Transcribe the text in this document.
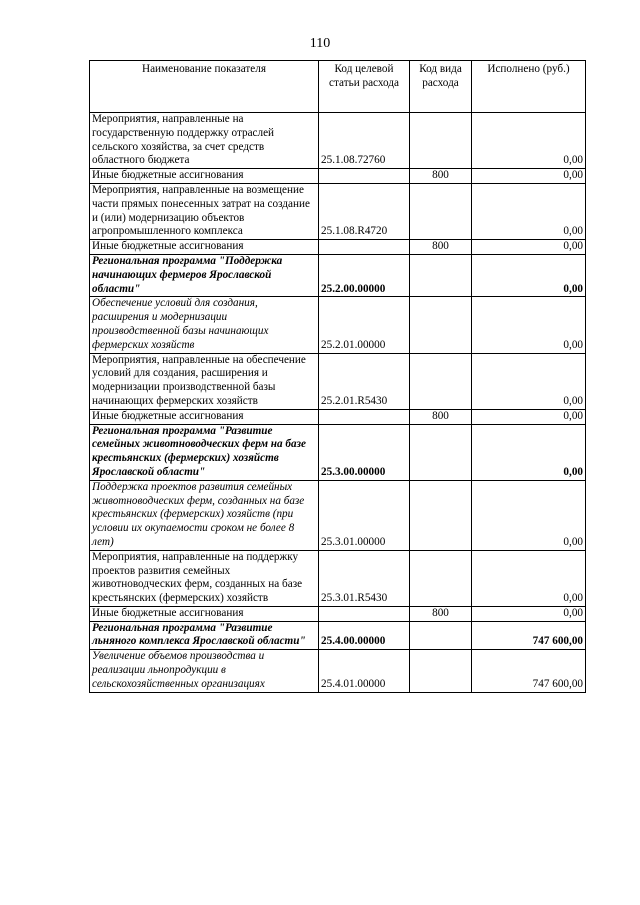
110
Наименование показателя	Код целевой статьи расхода	Код вида расхода	Исполнено (руб.)
Мероприятия, направленные на государственную поддержку отраслей сельского хозяйства, за счет средств областного бюджета	25.1.08.72760		0,00
Иные бюджетные ассигнования		800	0,00
Мероприятия, направленные на возмещение части прямых понесенных затрат на создание и (или) модернизацию объектов агропромышленного комплекса	25.1.08.R4720		0,00
Иные бюджетные ассигнования		800	0,00
Региональная программа "Поддержка начинающих фермеров Ярославской области"	25.2.00.00000		0,00
Обеспечение условий для создания, расширения и модернизации производственной базы начинающих фермерских хозяйств	25.2.01.00000		0,00
Мероприятия, направленные на обеспечение условий для создания, расширения и модернизации производственной базы начинающих фермерских хозяйств	25.2.01.R5430		0,00
Иные бюджетные ассигнования		800	0,00
Региональная программа "Развитие семейных животноводческих ферм на базе крестьянских (фермерских) хозяйств Ярославской области"	25.3.00.00000		0,00
Поддержка проектов развития семейных животноводческих ферм, созданных на базе крестьянских (фермерских) хозяйств (при условии их окупаемости сроком не более 8 лет)	25.3.01.00000		0,00
Мероприятия, направленные на поддержку проектов развития семейных животноводческих ферм, созданных на базе крестьянских (фермерских) хозяйств	25.3.01.R5430		0,00
Иные бюджетные ассигнования		800	0,00
Региональная программа "Развитие льняного комплекса Ярославской области"	25.4.00.00000		747 600,00
Увеличение объемов производства и реализации льнопродукции в сельскохозяйственных организациях	25.4.01.00000		747 600,00
